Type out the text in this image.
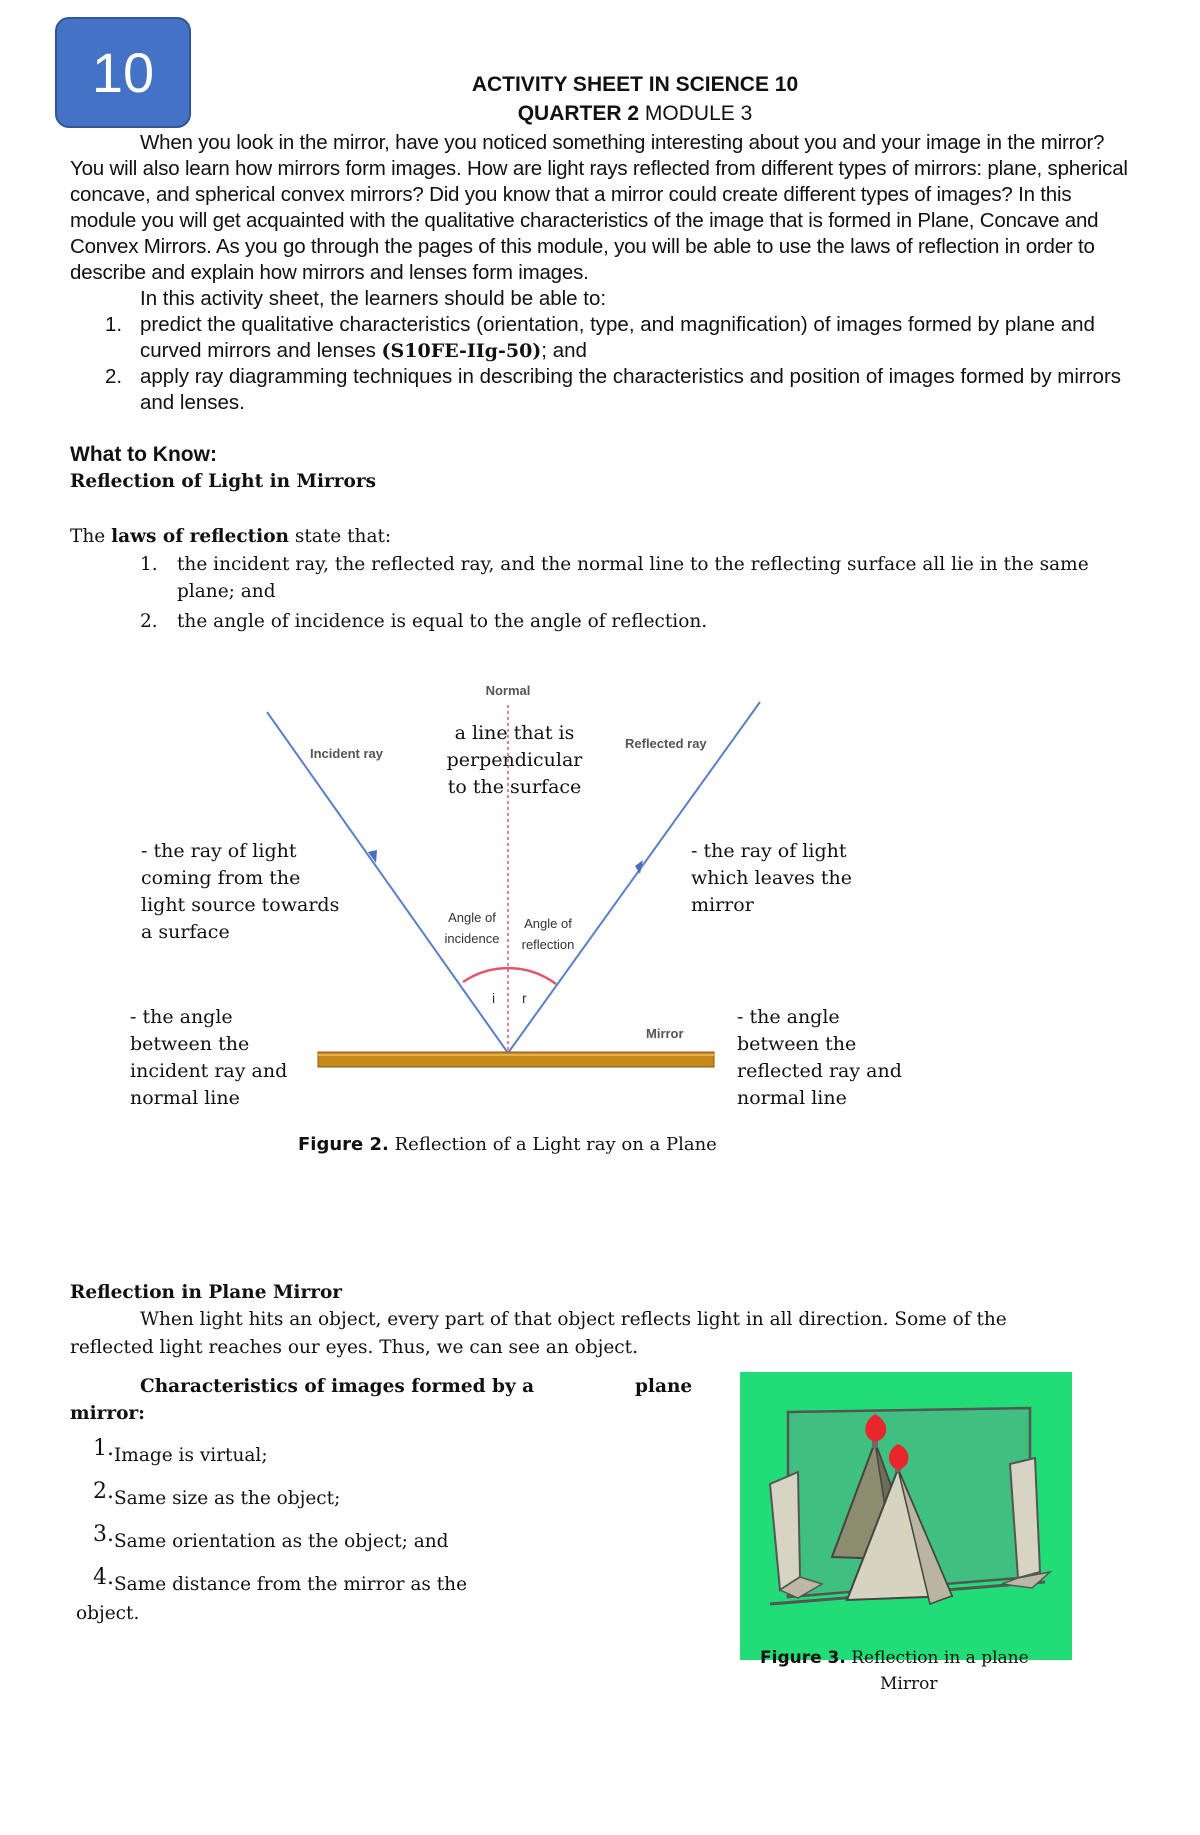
10	ACTIVITY SHEET IN SCIENCE 10
QUARTER 2 MODULE 3
When you look in the mirror, have you noticed something interesting about you and your image in the mirror? You will also learn how mirrors form images. How are light rays reflected from different types of mirrors: plane, spherical concave, and spherical convex mirrors? Did you know that a mirror could create different types of images? In this module you will get acquainted with the qualitative characteristics of the image that is formed in Plane, Concave and Convex Mirrors. As you go through the pages of this module, you will be able to use the laws of reflection in order to describe and explain how mirrors and lenses form images.
In this activity sheet, the learners should be able to:
1. predict the qualitative characteristics (orientation, type, and magnification) of images formed by plane and curved mirrors and lenses (S10FE-IIg-50); and
2. apply ray diagramming techniques in describing the characteristics and position of images formed by mirrors and lenses.
What to Know:
Reflection of Light in Mirrors
The laws of reflection state that:
1. the incident ray, the reflected ray, and the normal line to the reflecting surface all lie in the same plane; and
2. the angle of incidence is equal to the angle of reflection.
Normal
Incident ray
Reflected ray
Mirror
i r
Angle of incidence
Angle of reflection
a line that is perpendicular to the surface
- the ray of light coming from the light source towards a surface
- the ray of light which leaves the mirror
- the angle between the incident ray and normal line
- the angle between the reflected ray and normal line
Figure 2. Reflection of a Light ray on a Plane
Reflection in Plane Mirror
When light hits an object, every part of that object reflects light in all direction. Some of the reflected light reaches our eyes. Thus, we can see an object.
Characteristics of images formed by a	plane
mirror:
1.Image is virtual;
2.Same size as the object;
3.Same orientation as the object; and
4.Same distance from the mirror as the
object.
Figure 3. Reflection in a plane
Mirror
